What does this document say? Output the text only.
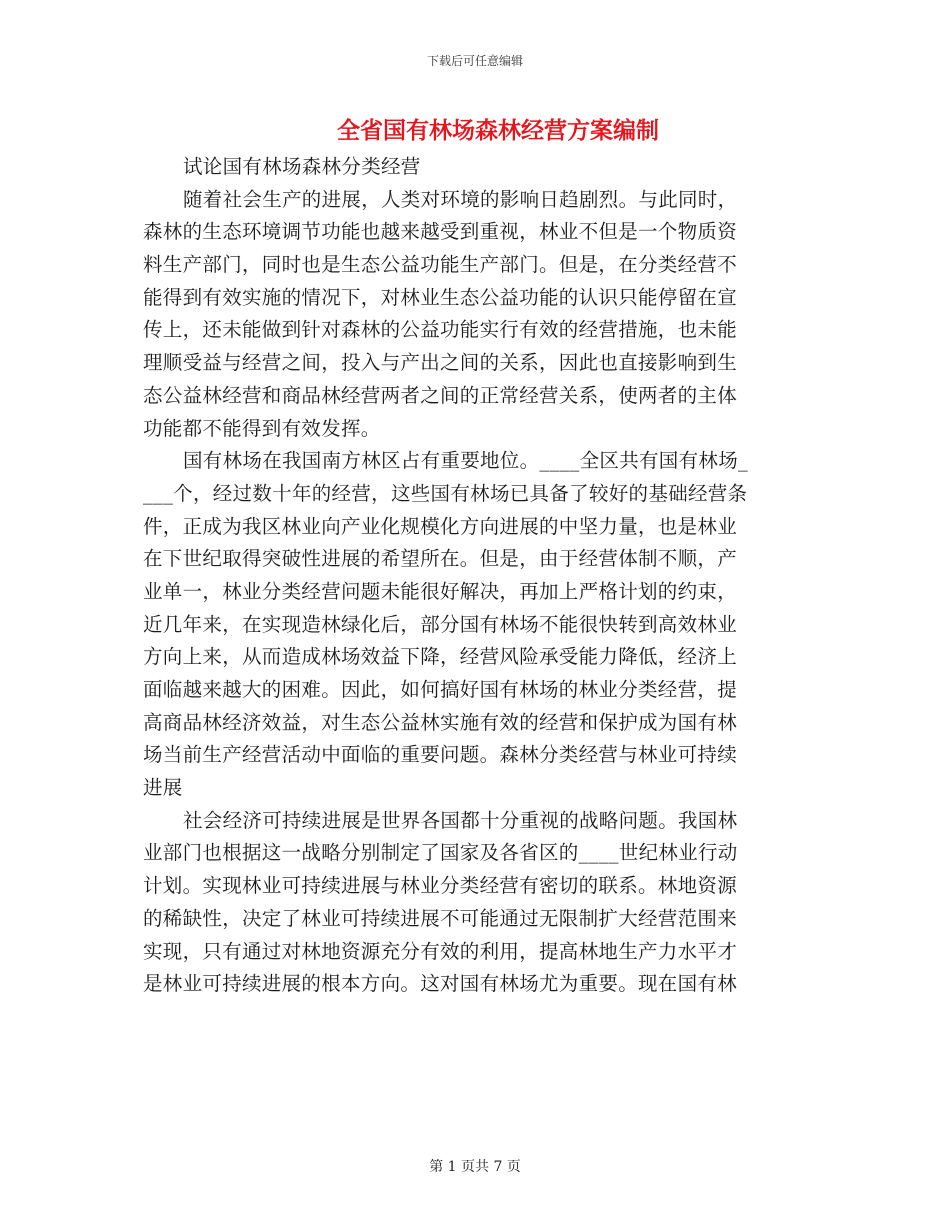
下载后可任意编辑
全省国有林场森林经营方案编制
试论国有林场森林分类经营
随着社会生产的进展，人类对环境的影响日趋剧烈。与此同时，
森林的生态环境调节功能也越来越受到重视，林业不但是一个物质资
料生产部门，同时也是生态公益功能生产部门。但是，在分类经营不
能得到有效实施的情况下，对林业生态公益功能的认识只能停留在宣
传上，还未能做到针对森林的公益功能实行有效的经营措施，也未能
理顺受益与经营之间，投入与产出之间的关系，因此也直接影响到生
态公益林经营和商品林经营两者之间的正常经营关系，使两者的主体
功能都不能得到有效发挥。
国有林场在我国南方林区占有重要地位。____全区共有国有林场_
___个，经过数十年的经营，这些国有林场已具备了较好的基础经营条
件，正成为我区林业向产业化规模化方向进展的中坚力量，也是林业
在下世纪取得突破性进展的希望所在。但是，由于经营体制不顺，产
业单一，林业分类经营问题未能很好解决，再加上严格计划的约束，
近几年来，在实现造林绿化后，部分国有林场不能很快转到高效林业
方向上来，从而造成林场效益下降，经营风险承受能力降低，经济上
面临越来越大的困难。因此，如何搞好国有林场的林业分类经营，提
高商品林经济效益，对生态公益林实施有效的经营和保护成为国有林
场当前生产经营活动中面临的重要问题。森林分类经营与林业可持续
进展
社会经济可持续进展是世界各国都十分重视的战略问题。我国林
业部门也根据这一战略分别制定了国家及各省区的____世纪林业行动
计划。实现林业可持续进展与林业分类经营有密切的联系。林地资源
的稀缺性，决定了林业可持续进展不可能通过无限制扩大经营范围来
实现，只有通过对林地资源充分有效的利用，提高林地生产力水平才
是林业可持续进展的根本方向。这对国有林场尤为重要。现在国有林
第 1 页共 7 页
